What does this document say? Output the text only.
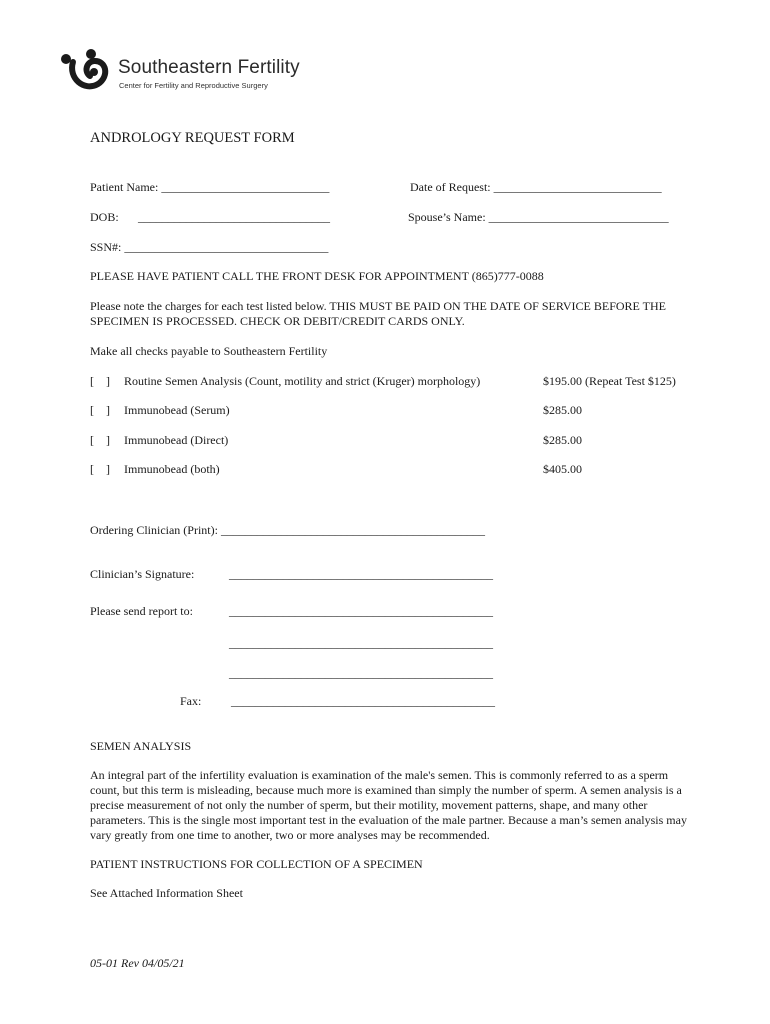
Southeastern Fertility
Center for Fertility and Reproductive Surgery
ANDROLOGY REQUEST FORM
Patient Name: ____________________________	Date of Request: ____________________________
DOB: ________________________________	Spouse’s Name: ______________________________
SSN#: __________________________________
PLEASE HAVE PATIENT CALL THE FRONT DESK FOR APPOINTMENT (865)777-0088
Please note the charges for each test listed below. THIS MUST BE PAID ON THE DATE OF SERVICE BEFORE THE SPECIMEN IS PROCESSED. CHECK OR DEBIT/CREDIT CARDS ONLY.
Make all checks payable to Southeastern Fertility
[    ] Routine Semen Analysis (Count, motility and strict (Kruger) morphology)	$195.00 (Repeat Test $125)
[    ] Immunobead (Serum)	$285.00
[    ] Immunobead (Direct)	$285.00
[    ] Immunobead (both)	$405.00
Ordering Clinician (Print): ____________________________________________
Clinician’s Signature:	____________________________________________
Please send report to:	____________________________________________
____________________________________________
____________________________________________
Fax: ____________________________________________
SEMEN ANALYSIS
An integral part of the infertility evaluation is examination of the male's semen. This is commonly referred to as a sperm count, but this term is misleading, because much more is examined than simply the number of sperm. A semen analysis is a precise measurement of not only the number of sperm, but their motility, movement patterns, shape, and many other parameters. This is the single most important test in the evaluation of the male partner. Because a man’s semen analysis may vary greatly from one time to another, two or more analyses may be recommended.
PATIENT INSTRUCTIONS FOR COLLECTION OF A SPECIMEN
See Attached Information Sheet
05-01 Rev 04/05/21
